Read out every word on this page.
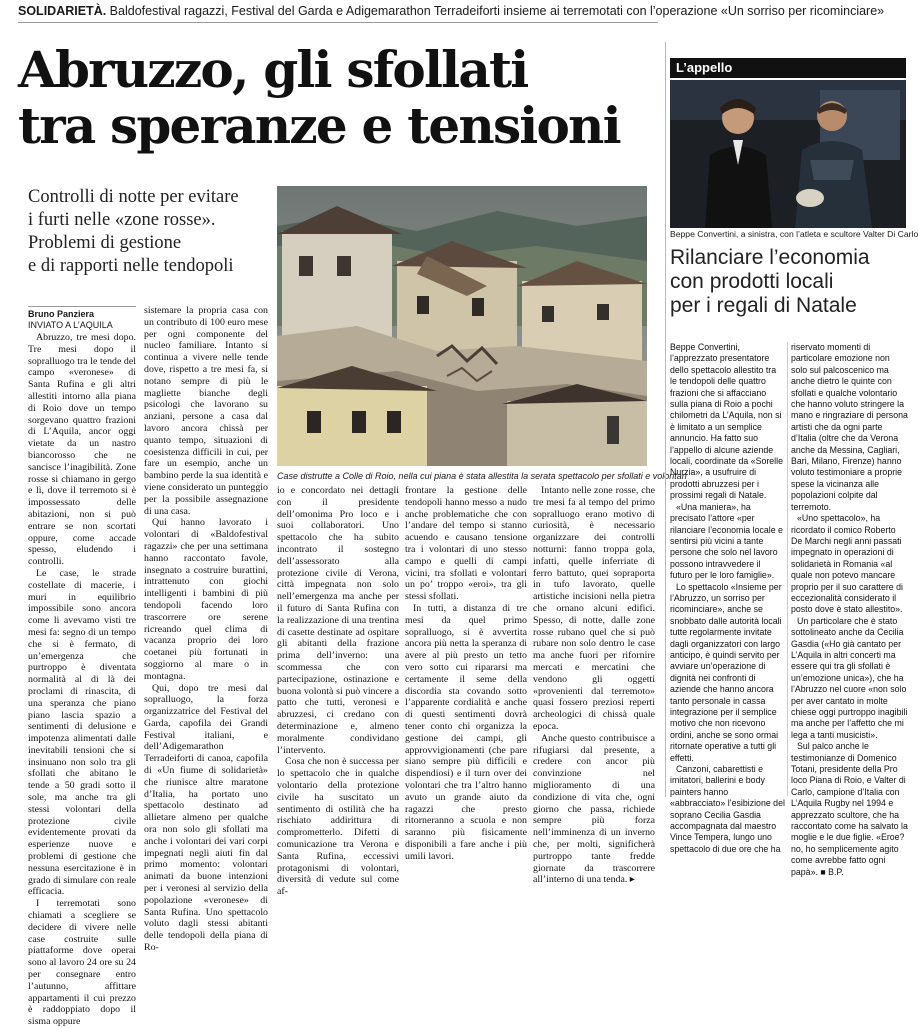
SOLIDARIETÀ. Baldofestival ragazzi, Festival del Garda e Adigemarathon Terradeiforti insieme ai terremotati con l’operazione «Un sorriso per ricominciare»
Abruzzo, gli sfollati
tra speranze e tensioni
Controlli di notte per evitare
i furti nelle «zone rosse».
Problemi di gestione
e di rapporti nelle tendopoli
Case distrutte a Colle di Roio, nella cui piana è stata allestita la serata spettacolo per sfollati e volontari
Bruno Panziera
INVIATO A L’AQUILA

Abruzzo, tre mesi dopo. Tre mesi dopo il sopralluogo tra le tende del campo «veronese» di Santa Rufina e gli altri allestiti intorno alla piana di Roio dove un tempo sorgevano quattro frazioni di L’Aquila, ancor oggi vietate da un nastro biancorosso che ne sancisce l’inagibilità. Zone rosse si chiamano in gergo e lì, dove il terremoto si è impossessato delle abitazioni, non si può entrare se non scortati oppure, come accade spesso, eludendo i controlli.

Le case, le strade costellate di macerie, i muri in equilibrio impossibile sono ancora come li avevamo visti tre mesi fa: segno di un tempo che si è fermato, di un’emergenza che purtroppo è diventata normalità al di là dei proclami di rinascita, di una speranza che piano piano lascia spazio a sentimenti di delusione e impotenza alimentati dalle inevitabili tensioni che si insinuano non solo tra gli sfollati che abitano le tende a 50 gradi sotto il sole, ma anche tra gli stessi volontari della protezione civile evidentemente provati da esperienze nuove e problemi di gestione che nessuna esercitazione è in grado di simulare con reale efficacia.

I terremotati sono chiamati a scegliere se decidere di vivere nelle case costruite sulle piattaforme dove operai sono al lavoro 24 ore su 24 per consegnare entro l’autunno, affittare appartamenti il cui prezzo è raddoppiato dopo il sisma oppure

sistemare la propria casa con un contributo di 100 euro mese per ogni componente del nucleo familiare. Intanto si continua a vivere nelle tende dove, rispetto a tre mesi fa, si notano sempre di più le magliette bianche degli psicologi che lavorano su anziani, persone a casa dal lavoro ancora chissà per quanto tempo, situazioni di coesistenza difficili in cui, per fare un esempio, anche un bambino perde la sua identità e viene considerato un punteggio per la possibile assegnazione di una casa.

Qui hanno lavorato i volontari di «Baldofestival ragazzi» che per una settimana hanno raccontato favole, insegnato a costruire burattini, intrattenuto con giochi intelligenti i bambini di più tendopoli facendo loro trascorrere ore serene ricreando quel clima di vacanza proprio dei loro coetanei più fortunati in soggiorno al mare o in montagna.

Qui, dopo tre mesi dal sopralluogo, la forza organizzatrice del Festival del Garda, capofila dei Grandi Festival italiani, e dell’Adigemarathon Terradeiforti di canoa, capofila di «Un fiume di solidarietà» che riunisce altre maratone d’Italia, ha portato uno spettacolo destinato ad allietare almeno per qualche ora non solo gli sfollati ma anche i volontari dei vari corpi impegnati negli aiuti fin dal primo momento: volontari animati da buone intenzioni per i veronesi al servizio della popolazione «veronese» di Santa Rufina. Uno spettacolo voluto dagli stessi abitanti delle tendopoli della piana di Ro-

io e concordato nei dettagli con il presidente dell’omonima Pro loco e i suoi collaboratori. Uno spettacolo che ha subito incontrato il sostegno dell’assessorato alla protezione civile di Verona, città impegnata non solo nell’emergenza ma anche per il futuro di Santa Rufina con la realizzazione di una trentina di casette destinate ad ospitare gli abitanti della frazione prima dell’inverno: una scommessa che con partecipazione, ostinazione e buona volontà si può vincere a patto che tutti, veronesi e abruzzesi, ci credano con determinazione e, almeno moralmente condividano l’intervento.

Cosa che non è successa per lo spettacolo che in qualche volontario della protezione civile ha suscitato un sentimento di ostilità che ha rischiato addirittura di comprometterlo. Difetti di comunicazione tra Verona e Santa Rufina, eccessivi protagonismi di volontari, diversità di vedute sul come af-

frontare la gestione delle tendopoli hanno messo a nudo anche problematiche che con l’andare del tempo si stanno acuendo e causano tensione tra i volontari di uno stesso campo e quelli di campi vicini, tra sfollati e volontari un po’ troppo «eroi», tra gli stessi sfollati.

In tutti, a distanza di tre mesi da quel primo sopralluogo, si è avvertita ancora più netta la speranza di avere al più presto un tetto vero sotto cui ripararsi ma certamente il seme della discordia sta covando sotto l’apparente cordialità e anche di questi sentimenti dovrà tener conto chi organizza la gestione dei campi, gli approvvigionamenti (che pare siano sempre più difficili e dispendiosi) e il turn over dei volontari che tra l’altro hanno avuto un grande aiuto da ragazzi che presto ritorneranno a scuola e non saranno più fisicamente disponibili a fare anche i più umili lavori.

Intanto nelle zone rosse, che tre mesi fa al tempo del primo sopralluogo erano motivo di curiosità, è necessario organizzare dei controlli notturni: fanno troppa gola, infatti, quelle inferriate di ferro battuto, quei sopraporta in tufo lavorato, quelle artistiche incisioni nella pietra che ornano alcuni edifici. Spesso, di notte, dalle zone rosse rubano quel che si può rubare non solo dentro le case ma anche fuori per rifornire mercati e mercatini che vendono gli oggetti «provenienti dal terremoto» quasi fossero preziosi reperti archeologici di chissà quale epoca.

Anche questo contribuisce a rifugiarsi dal presente, a credere con ancor più convinzione nel miglioramento di una condizione di vita che, ogni giorno che passa, richiede sempre più forza nell’imminenza di un inverno che, per molti, significherà purtroppo tante fredde giornate da trascorrere all’interno di una tenda. ▸

L’appello
Beppe Convertini, a sinistra, con l’atleta e scultore Valter Di Carlo
Rilanciare l’economia
con prodotti locali
per i regali di Natale

Beppe Convertini, l’apprezzato presentatore dello spettacolo allestito tra le tendopoli delle quattro frazioni che si affacciano sulla piana di Roio a pochi chilometri da L’Aquila, non si è limitato a un semplice annuncio. Ha fatto suo l’appello di alcune aziende locali, coordinate da «Sorelle Nurzia», a usufruire di prodotti abruzzesi per i prossimi regali di Natale.

«Una maniera», ha precisato l’attore «per rilanciare l’economia locale e sentirsi più vicini a tante persone che solo nel lavoro possono intravvedere il futuro per le loro famiglie».

Lo spettacolo «Insieme per l’Abruzzo, un sorriso per ricominciare», anche se snobbato dalle autorità locali tutte regolarmente invitate dagli organizzatori con largo anticipo, è quindi servito per avviare un’operazione di dignità nei confronti di aziende che hanno ancora tanto personale in cassa integrazione per il semplice motivo che non ricevono ordini, anche se sono ormai ritornate operative a tutti gli effetti.

Canzoni, cabarettisti e imitatori, ballerini e body painters hanno «abbracciato» l’esibizione del soprano Cecilia Gasdia accompagnata dal maestro Vince Tempera, lungo uno spettacolo di due ore che ha

riservato momenti di particolare emozione non solo sul palcoscenico ma anche dietro le quinte con sfollati e qualche volontario che hanno voluto stringere la mano e ringraziare di persona artisti che da ogni parte d’Italia (oltre che da Verona anche da Messina, Cagliari, Bari, Milano, Firenze) hanno voluto testimoniare a proprie spese la vicinanza alle popolazioni colpite dal terremoto.

«Uno spettacolo», ha ricordato il comico Roberto De Marchi negli anni passati impegnato in operazioni di solidarietà in Romania «al quale non potevo mancare proprio per il suo carattere di eccezionalità considerato il posto dove è stato allestito».

Un particolare che è stato sottolineato anche da Cecilia Gasdia («Ho già cantato per L’Aquila in altri concerti ma essere qui tra gli sfollati è un’emozione unica»), che ha l’Abruzzo nel cuore «non solo per aver cantato in molte chiese oggi purtroppo inagibili ma anche per l’affetto che mi lega a tanti musicisti».

Sul palco anche le testimonianze di Domenico Totani, presidente della Pro loco Piana di Roio, e Valter di Carlo, campione d’Italia con L’Aquila Rugby nel 1994 e apprezzato scultore, che ha raccontato come ha salvato la moglie e le due figlie. «Eroe? no, ho semplicemente agito come avrebbe fatto ogni papà». ■ B.P.
